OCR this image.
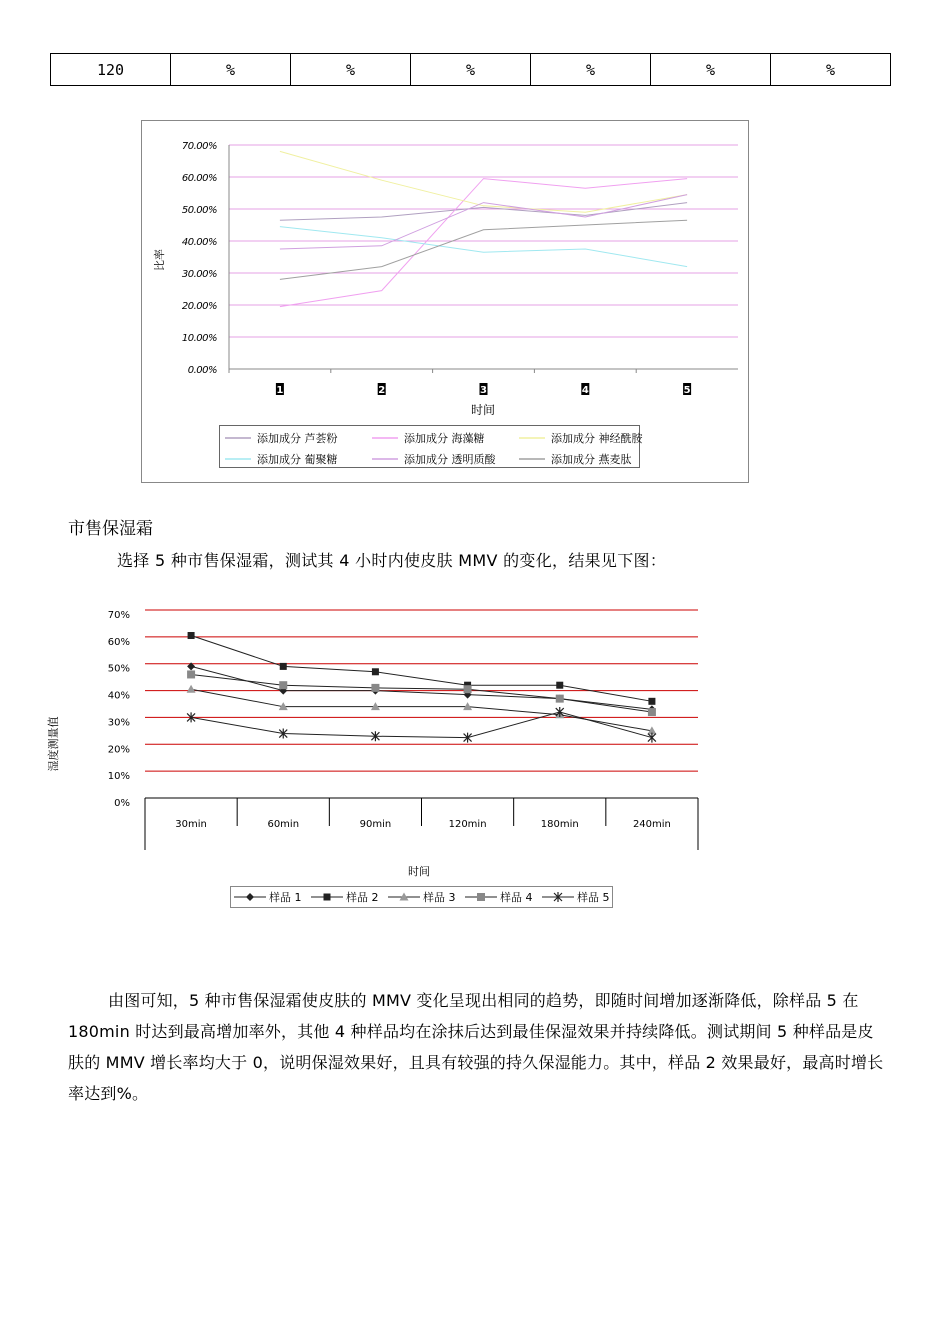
120	%	%	%	%	%	%
0.00%
10.00%
20.00%
30.00%
40.00%
50.00%
60.00%
70.00%
1	2	3	4	5
比率
时间
添加成分 芦荟粉	添加成分 海藻糖	添加成分 神经酰胺
添加成分 葡聚糖	添加成分 透明质酸	添加成分 燕麦肽
市售保湿霜
选择 5 种市售保湿霜，测试其 4 小时内使皮肤 MMV 的变化，结果见下图：
0%
10%
20%
30%
40%
50%
60%
70%
30min	60min	90min	120min	180min	240min
湿度测量值
时间
样品 1	样品 2	样品 3	样品 4	样品 5
由图可知，5 种市售保湿霜使皮肤的 MMV 变化呈现出相同的趋势，即随时间增加逐渐降低，除样品 5 在 180min 时达到最高增加率外，其他 4 种样品均在涂抹后达到最佳保湿效果并持续降低。测试期间 5 种样品是皮肤的 MMV 增长率均大于 0，说明保湿效果好，且具有较强的持久保湿能力。其中，样品 2 效果最好，最高时增长率达到%。
